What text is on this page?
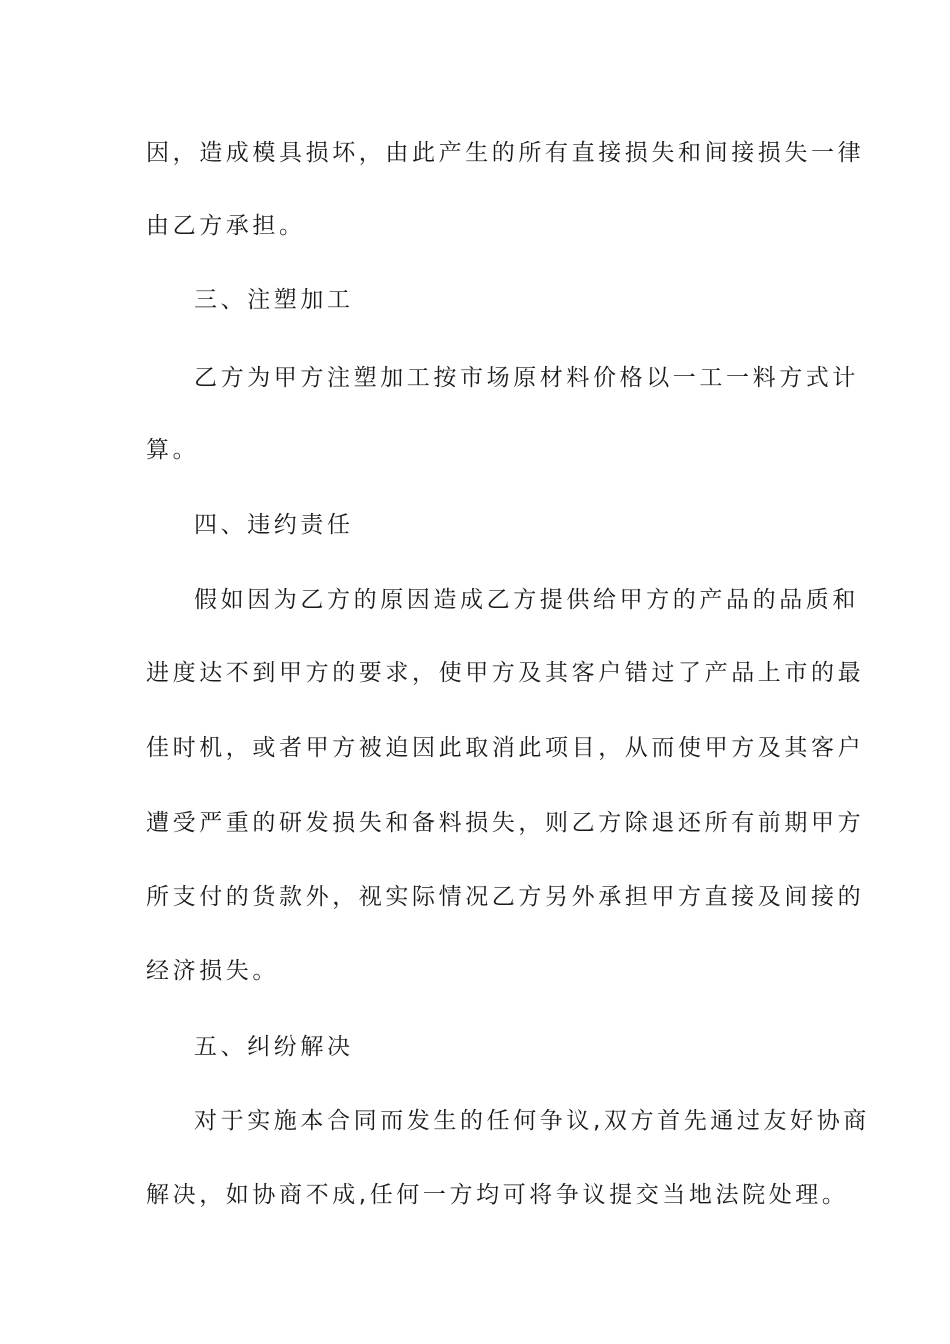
因，造成模具损坏，由此产生的所有直接损失和间接损失一律
由乙方承担。
三、注塑加工
乙方为甲方注塑加工按市场原材料价格以一工一料方式计
算。
四、违约责任
假如因为乙方的原因造成乙方提供给甲方的产品的品质和
进度达不到甲方的要求，使甲方及其客户错过了产品上市的最
佳时机，或者甲方被迫因此取消此项目，从而使甲方及其客户
遭受严重的研发损失和备料损失，则乙方除退还所有前期甲方
所支付的货款外，视实际情况乙方另外承担甲方直接及间接的
经济损失。
五、纠纷解决
对于实施本合同而发生的任何争议,双方首先通过友好协商
解决，如协商不成,任何一方均可将争议提交当地法院处理。
